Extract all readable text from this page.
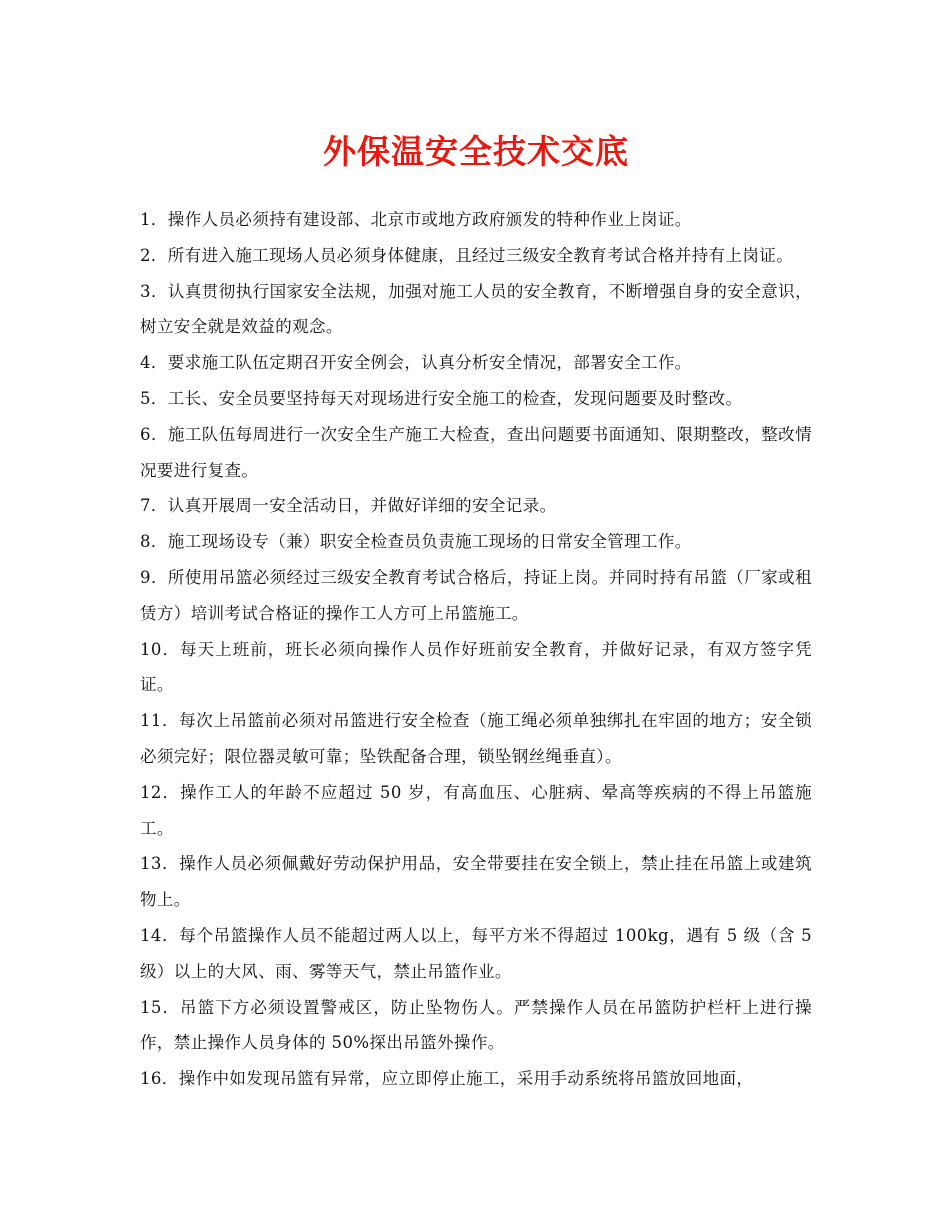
外保温安全技术交底
1．操作人员必须持有建设部、北京市或地方政府颁发的特种作业上岗证。
2．所有进入施工现场人员必须身体健康，且经过三级安全教育考试合格并持有上岗证。
3．认真贯彻执行国家安全法规，加强对施工人员的安全教育，不断增强自身的安全意识，树立安全就是效益的观念。
4．要求施工队伍定期召开安全例会，认真分析安全情况，部署安全工作。
5．工长、安全员要坚持每天对现场进行安全施工的检查，发现问题要及时整改。
6．施工队伍每周进行一次安全生产施工大检查，查出问题要书面通知、限期整改，整改情况要进行复查。
7．认真开展周一安全活动日，并做好详细的安全记录。
8．施工现场设专（兼）职安全检查员负责施工现场的日常安全管理工作。
9．所使用吊篮必须经过三级安全教育考试合格后，持证上岗。并同时持有吊篮（厂家或租赁方）培训考试合格证的操作工人方可上吊篮施工。
10．每天上班前，班长必须向操作人员作好班前安全教育，并做好记录，有双方签字凭证。
11．每次上吊篮前必须对吊篮进行安全检查（施工绳必须单独绑扎在牢固的地方；安全锁必须完好；限位器灵敏可靠；坠铁配备合理，锁坠钢丝绳垂直）。
12．操作工人的年龄不应超过 50 岁，有高血压、心脏病、晕高等疾病的不得上吊篮施工。
13．操作人员必须佩戴好劳动保护用品，安全带要挂在安全锁上，禁止挂在吊篮上或建筑物上。
14．每个吊篮操作人员不能超过两人以上，每平方米不得超过 100kg，遇有 5 级（含 5 级）以上的大风、雨、雾等天气，禁止吊篮作业。
15．吊篮下方必须设置警戒区，防止坠物伤人。严禁操作人员在吊篮防护栏杆上进行操作，禁止操作人员身体的 50%探出吊篮外操作。
16．操作中如发现吊篮有异常，应立即停止施工，采用手动系统将吊篮放回地面，
